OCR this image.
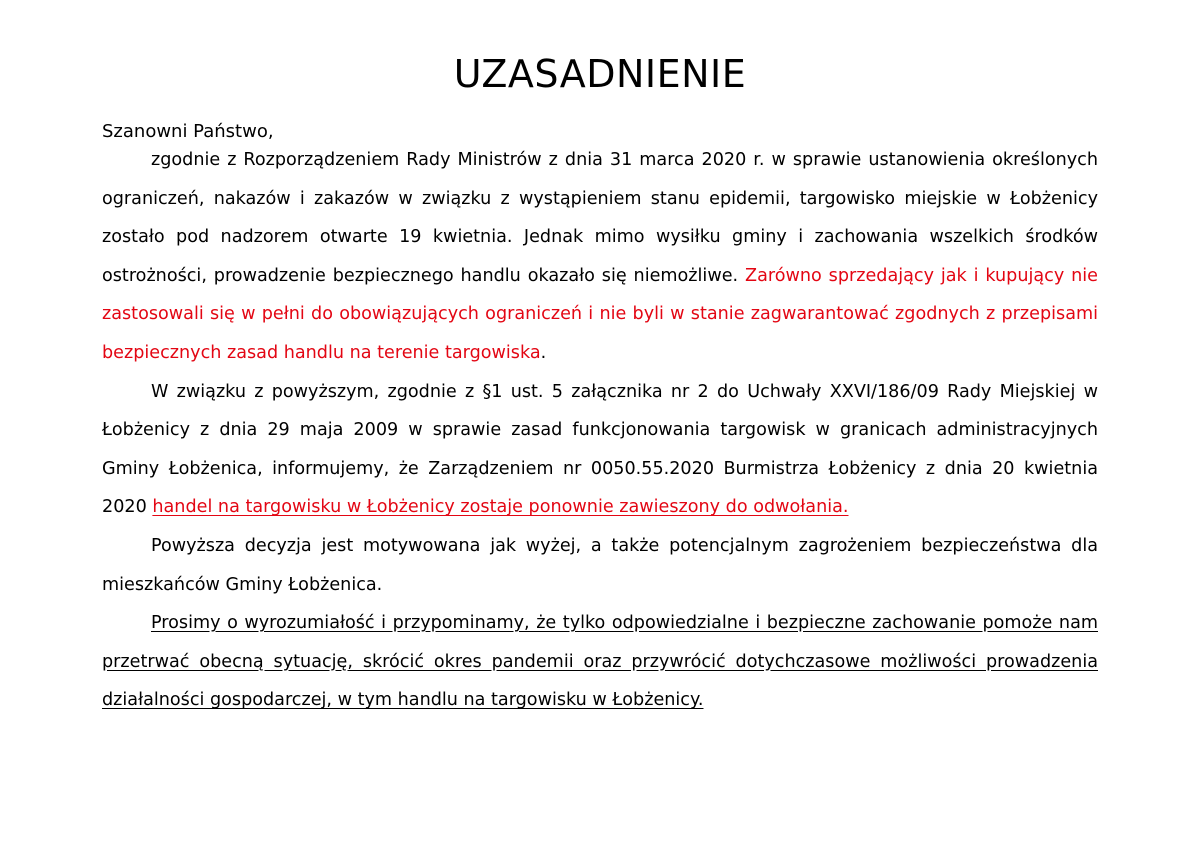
UZASADNIENIE

Szanowni Państwo,

zgodnie z Rozporządzeniem Rady Ministrów z dnia 31 marca 2020 r. w sprawie ustanowienia określonych ograniczeń, nakazów i zakazów w związku z wystąpieniem stanu epidemii, targowisko miejskie w Łobżenicy zostało pod nadzorem otwarte 19 kwietnia. Jednak mimo wysiłku gminy i zachowania wszelkich środków ostrożności, prowadzenie bezpiecznego handlu okazało się niemożliwe. Zarówno sprzedający jak i kupujący nie zastosowali się w pełni do obowiązujących ograniczeń i nie byli w stanie zagwarantować zgodnych z przepisami bezpiecznych zasad handlu na terenie targowiska.

W związku z powyższym, zgodnie z §1 ust. 5 załącznika nr 2 do Uchwały XXVI/186/09 Rady Miejskiej w Łobżenicy z dnia 29 maja 2009 w sprawie zasad funkcjonowania targowisk w granicach administracyjnych Gminy Łobżenica, informujemy, że Zarządzeniem nr 0050.55.2020 Burmistrza Łobżenicy z dnia 20 kwietnia 2020 handel na targowisku w Łobżenicy zostaje ponownie zawieszony do odwołania.

Powyższa decyzja jest motywowana jak wyżej, a także potencjalnym zagrożeniem bezpieczeństwa dla mieszkańców Gminy Łobżenica.

Prosimy o wyrozumiałość i przypominamy, że tylko odpowiedzialne i bezpieczne zachowanie pomoże nam przetrwać obecną sytuację, skrócić okres pandemii oraz przywrócić dotychczasowe możliwości prowadzenia działalności gospodarczej, w tym handlu na targowisku w Łobżenicy.
